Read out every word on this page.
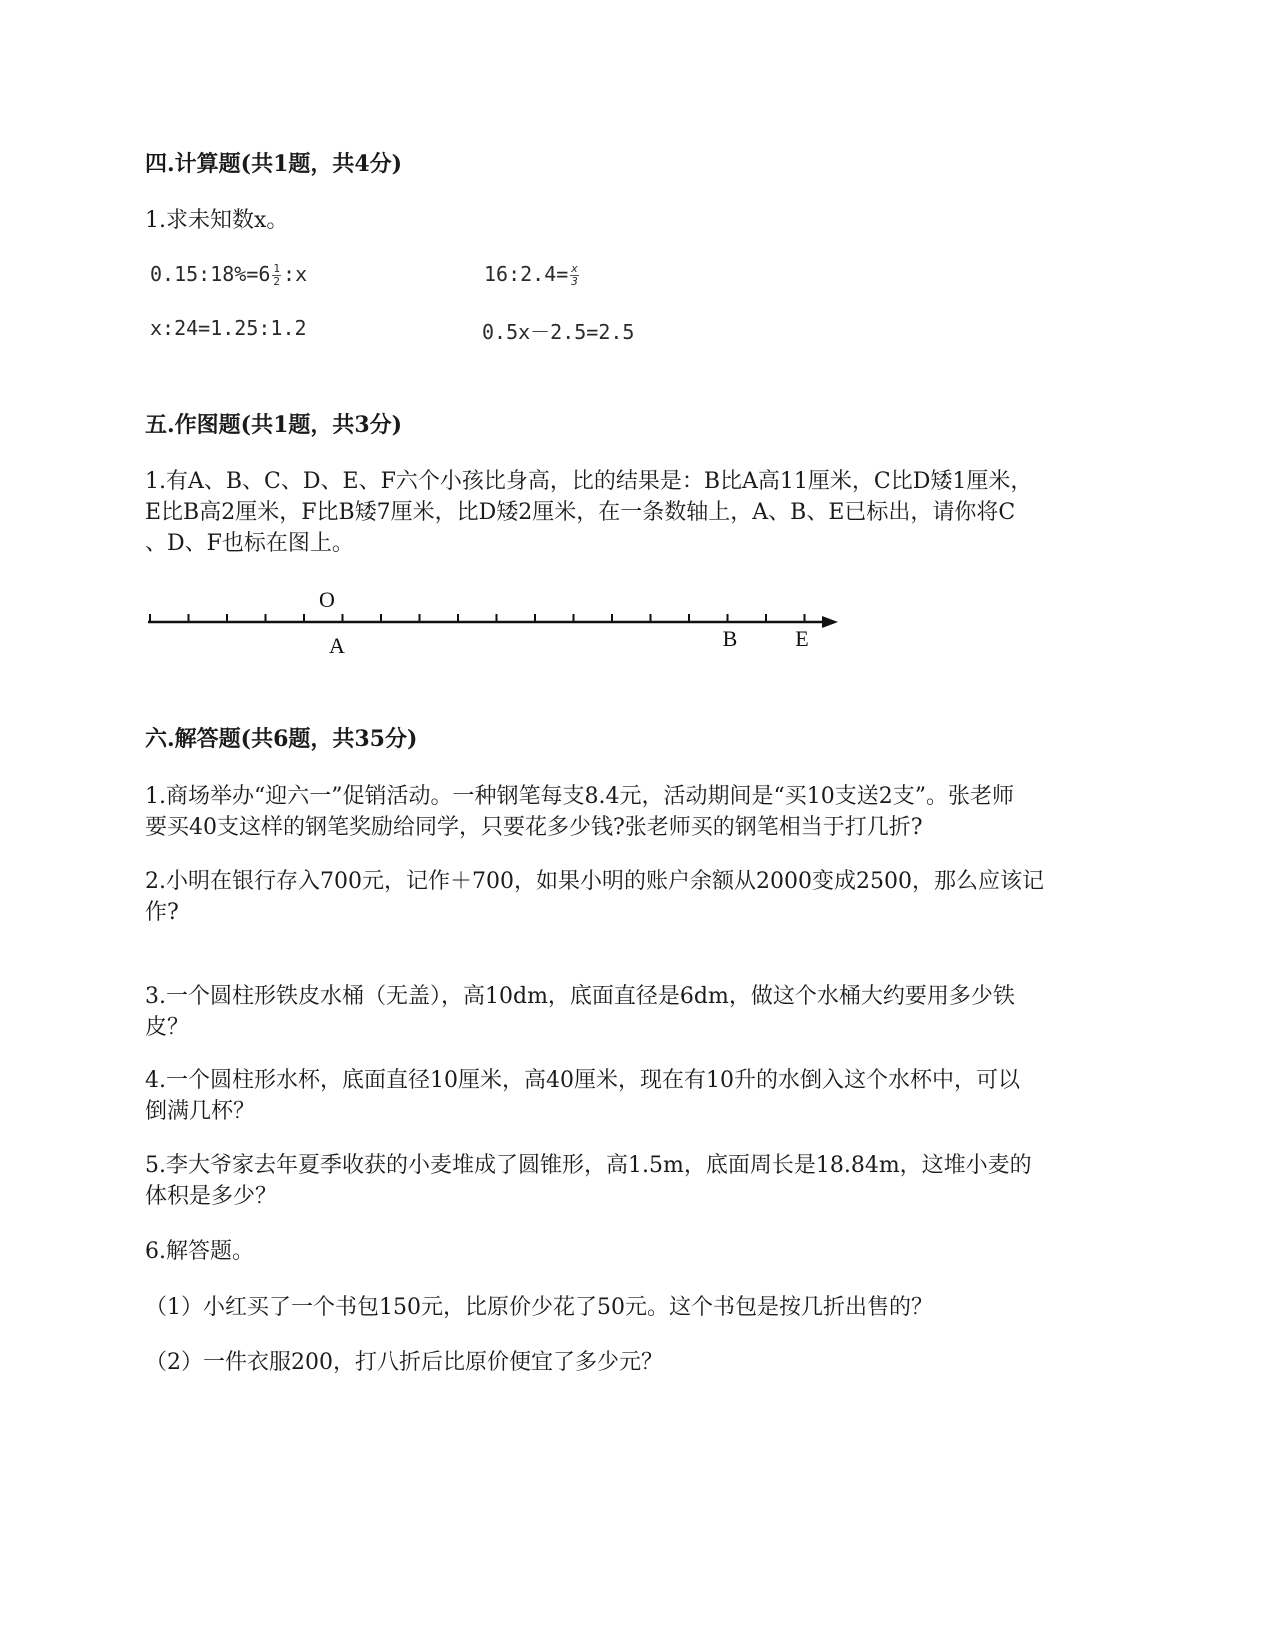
四.计算题(共1题，共4分)
1.求未知数x。
0.15:18%=6 $\frac{1}{2}$ :x	16:2.4= $\frac{x}{3}$
x:24=1.25:1.2	0.5x－2.5=2.5
五.作图题(共1题，共3分)
1.有A、B、C、D、E、F六个小孩比身高，比的结果是：B比A高11厘米，C比D矮1厘米，
E比B高2厘米，F比B矮7厘米，比D矮2厘米，在一条数轴上，A、B、E已标出，请你将C
、D、F也标在图上。
O
A	B	E
六.解答题(共6题，共35分)
1.商场举办“迎六一”促销活动。一种钢笔每支8.4元，活动期间是“买10支送2支”。张老师
要买40支这样的钢笔奖励给同学，只要花多少钱?张老师买的钢笔相当于打几折?
2.小明在银行存入700元，记作＋700，如果小明的账户余额从2000变成2500，那么应该记
作?
3.一个圆柱形铁皮水桶（无盖），高10dm，底面直径是6dm，做这个水桶大约要用多少铁
皮？
4.一个圆柱形水杯，底面直径10厘米，高40厘米，现在有10升的水倒入这个水杯中，可以
倒满几杯？
5.李大爷家去年夏季收获的小麦堆成了圆锥形，高1.5m，底面周长是18.84m，这堆小麦的
体积是多少？
6.解答题。
（1）小红买了一个书包150元，比原价少花了50元。这个书包是按几折出售的？
（2）一件衣服200，打八折后比原价便宜了多少元？
